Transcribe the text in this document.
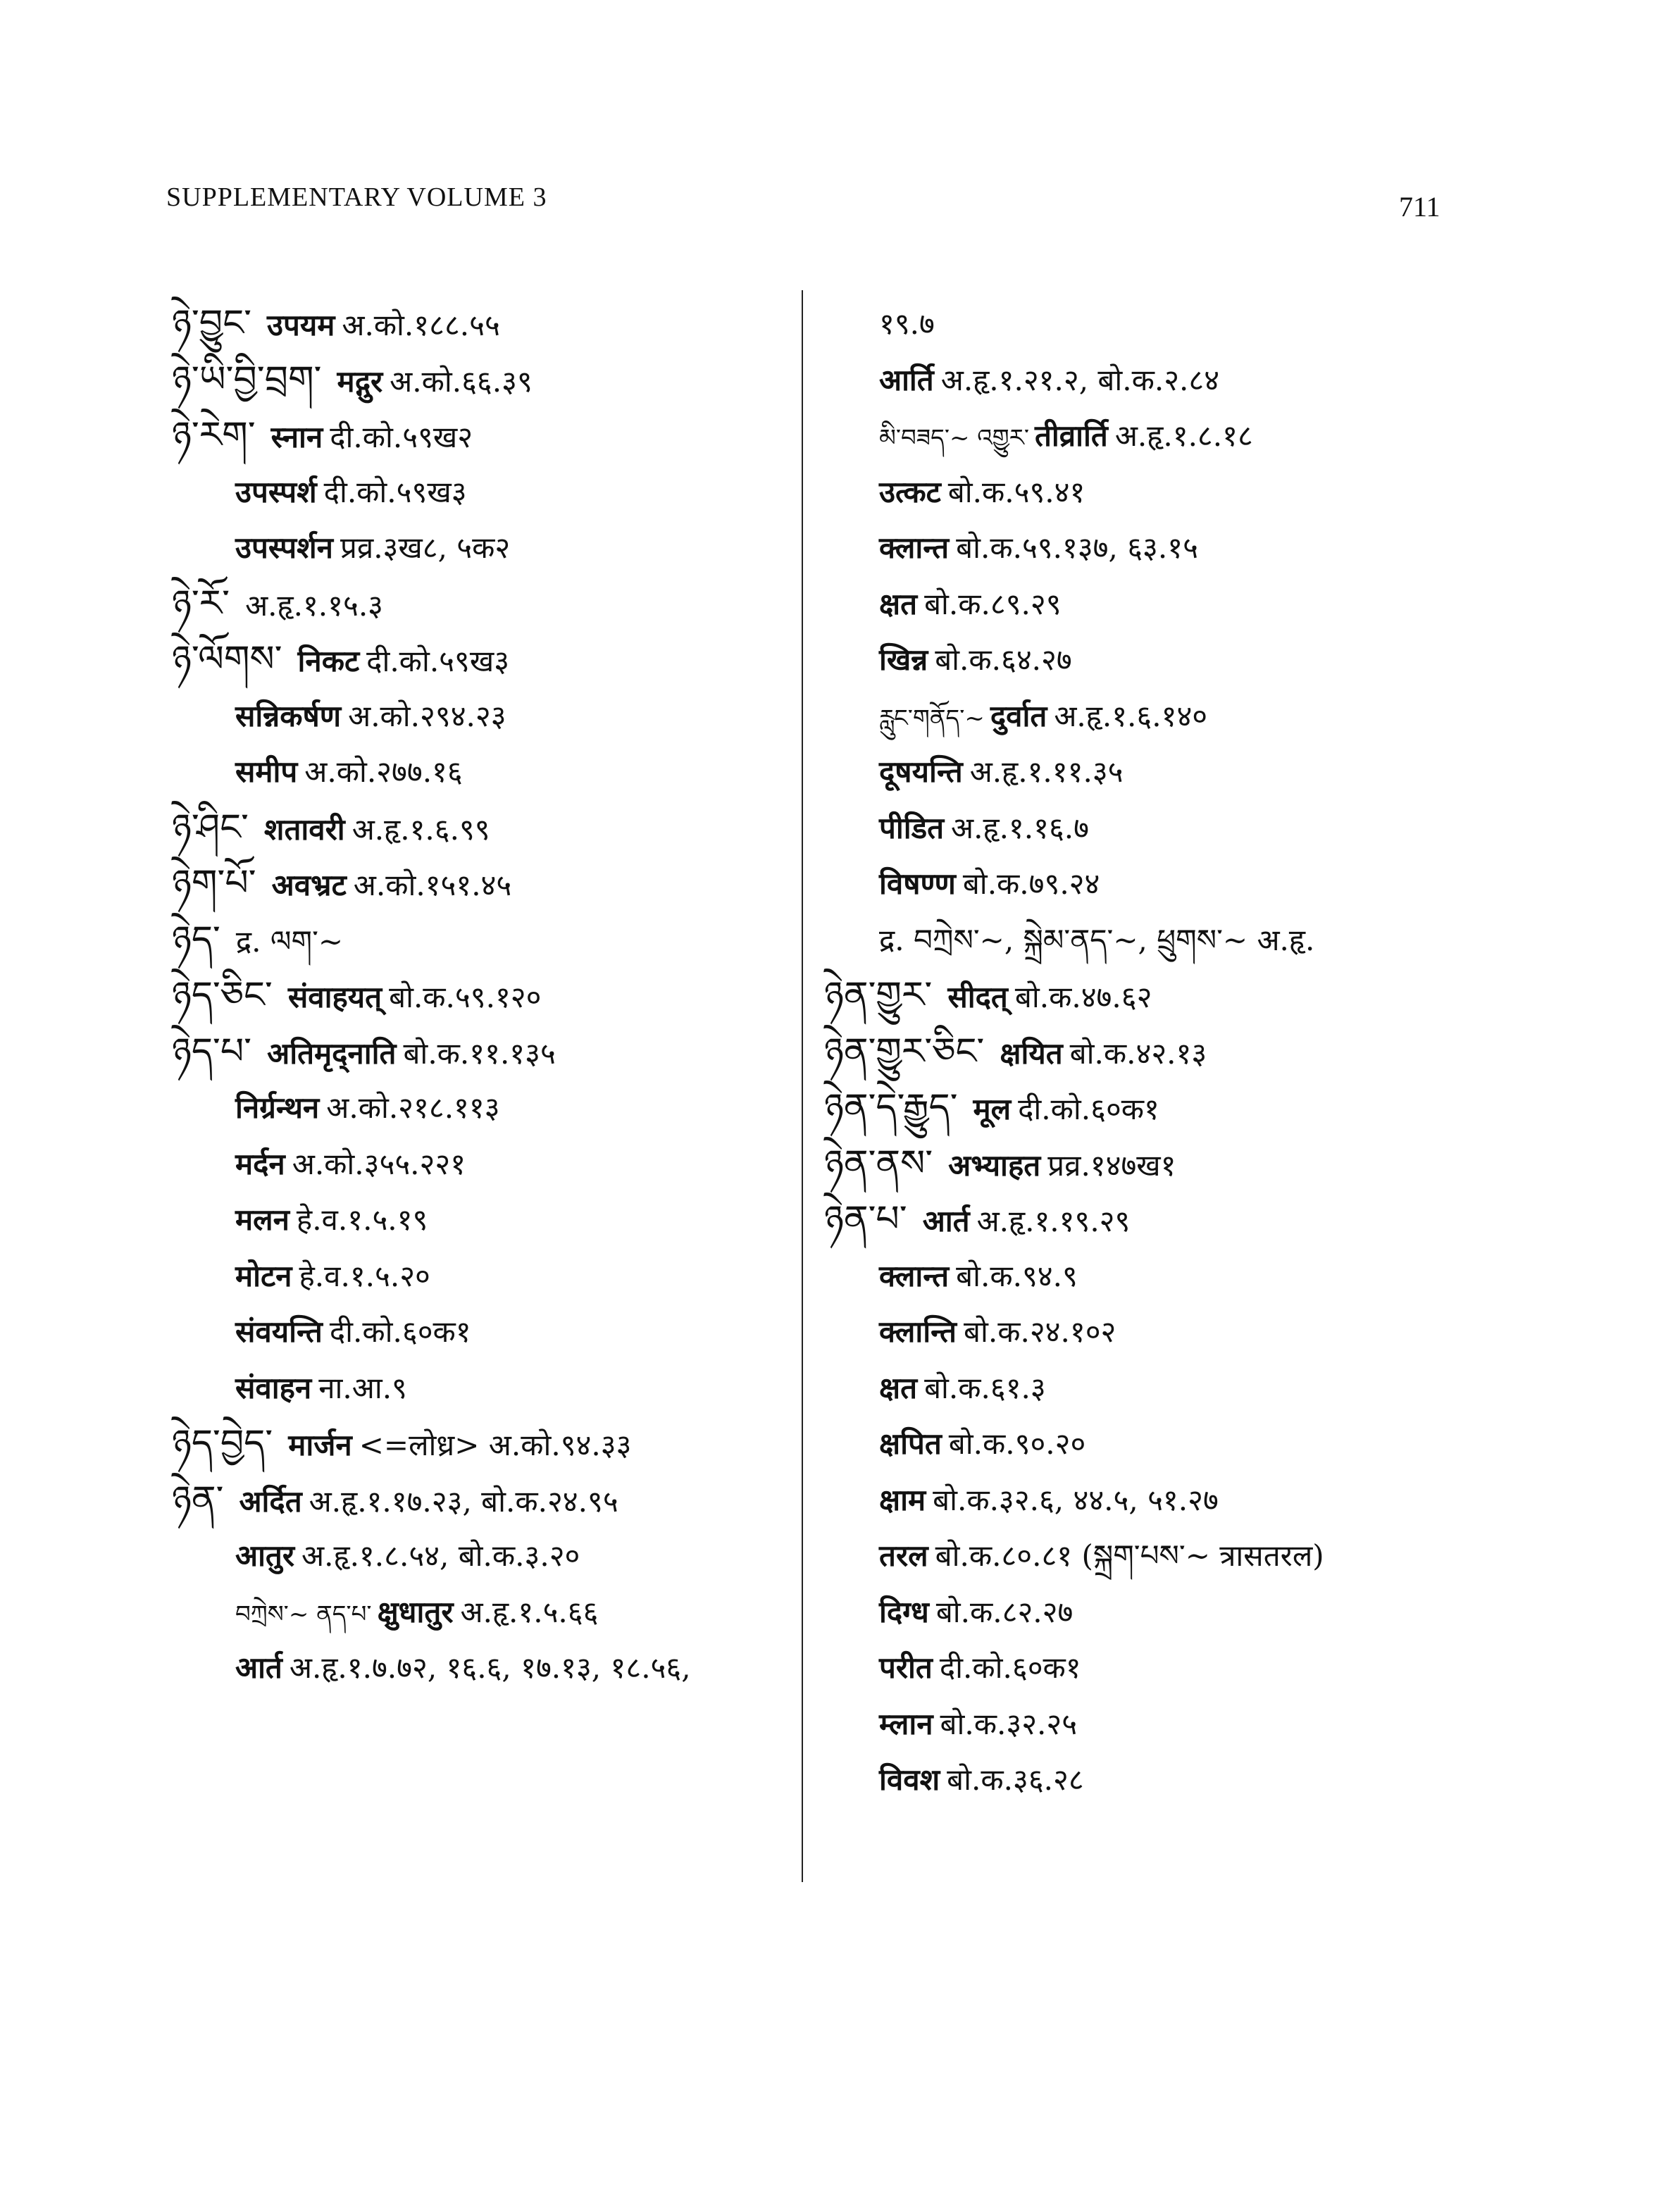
SUPPLEMENTARY VOLUME 3	711
ཉེ་བྱུང་ उपयम अ.को.१८८.५५
ཉེ་ཡི་བྱི་བྲག་ मद्गुर अ.को.६६.३९
ཉེ་རེག་ स्नान दी.को.५९ख२
उपस्पर्श दी.को.५९ख३
उपस्पर्शन प्रव्र.३ख८, ५क२
ཉེ་རོ་ अ.हृ.१.१५.३
ཉེ་ལོགས་ निकट दी.को.५९ख३
सन्निकर्षण अ.को.२९४.२३
समीप अ.को.२७७.१६
ཉེ་ཤིང་ शतावरी अ.हृ.१.६.९९
ཉེག་པོ་ अवभ्रट अ.को.१५१.४५
ཉེད་ द्र. ལག་~
ཉེད་ཅིང་ संवाहयत् बो.क.५९.१२०
ཉེད་པ་ अतिमृद्नाति बो.क.११.१३५
निर्ग्रन्थन अ.को.२१८.११३
मर्दन अ.को.३५५.२२१
मलन हे.व.१.५.१९
मोटन हे.व.१.५.२०
संवयन्ति दी.को.६०क१
संवाहन ना.आ.९
ཉེད་བྱེད་ मार्जन <=लोध्र> अ.को.९४.३३
ཉེན་ अर्दित अ.हृ.१.१७.२३, बो.क.२४.९५
आतुर अ.हृ.१.८.५४, बो.क.३.२०
བཀྲེས་~ ནད་པ་ क्षुधातुर अ.हृ.१.५.६६
आर्त अ.हृ.१.७.७२, १६.६, १७.१३, १८.५६,
१९.७
आर्ति अ.हृ.१.२१.२, बो.क.२.८४
མི་བཟད་~ འགྱུར་ तीव्रार्ति अ.हृ.१.८.१८
उत्कट बो.क.५९.४१
क्लान्त बो.क.५९.१३७, ६३.१५
क्षत बो.क.८९.२९
खिन्न बो.क.६४.२७
རླུང་གནོད་~ दुर्वात अ.हृ.१.६.१४०
दूषयन्ति अ.हृ.१.११.३५
पीडित अ.हृ.१.१६.७
विषण्ण बो.क.७९.२४
द्र. བཀྲེས་~, སྐྲེམ་ནད་~, ཕྲུགས་~ अ.हृ.
ཉེན་གྱུར་ सीदत् बो.क.४७.६२
ཉེན་གྱུར་ཅིང་ क्षयित बो.क.४२.१३
ཉེན་དེ་རྒྱུད་ मूल दी.को.६०क१
ཉེན་ནས་ अभ्याहत प्रव्र.१४७ख१
ཉེན་པ་ आर्त अ.हृ.१.१९.२९
क्लान्त बो.क.९४.९
क्लान्ति बो.क.२४.१०२
क्षत बो.क.६१.३
क्षपित बो.क.९०.२०
क्षाम बो.क.३२.६, ४४.५, ५१.२७
तरल बो.क.८०.८१ (སྐྲག་པས་~ त्रासतरल)
दिग्ध बो.क.८२.२७
परीत दी.को.६०क१
म्लान बो.क.३२.२५
विवश बो.क.३६.२८
